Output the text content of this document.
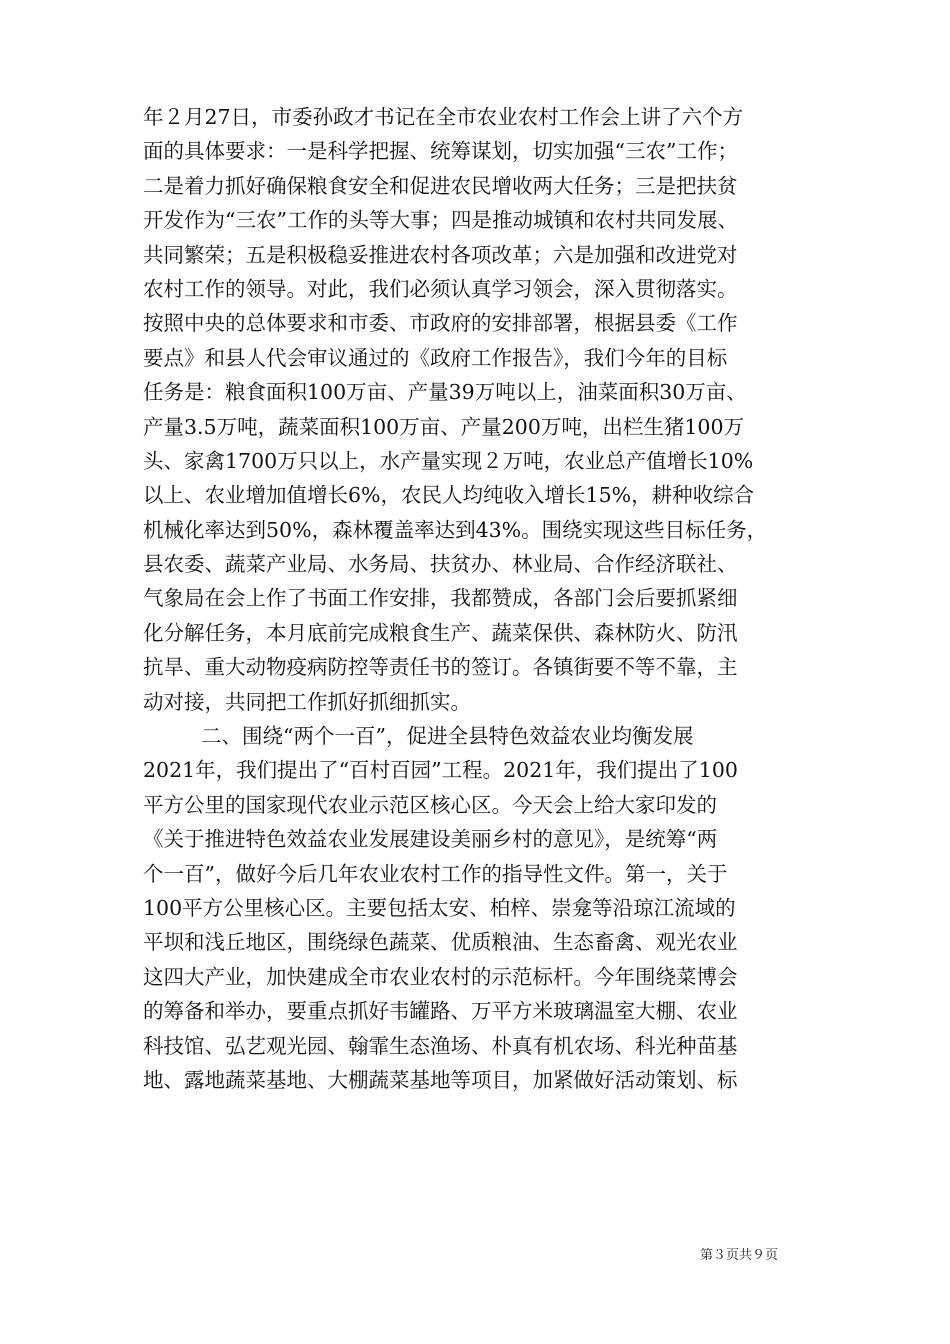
年２月27日，市委孙政才书记在全市农业农村工作会上讲了六个方
面的具体要求：一是科学把握、统筹谋划，切实加强“三农”工作；
二是着力抓好确保粮食安全和促进农民增收两大任务；三是把扶贫
开发作为“三农”工作的头等大事；四是推动城镇和农村共同发展、
共同繁荣；五是积极稳妥推进农村各项改革；六是加强和改进党对
农村工作的领导。对此，我们必须认真学习领会，深入贯彻落实。
按照中央的总体要求和市委、市政府的安排部署，根据县委《工作
要点》和县人代会审议通过的《政府工作报告》，我们今年的目标
任务是：粮食面积100万亩、产量39万吨以上，油菜面积30万亩、
产量3.5万吨，蔬菜面积100万亩、产量200万吨，出栏生猪100万
头、家禽1700万只以上，水产量实现２万吨，农业总产值增长10%
以上、农业增加值增长6%，农民人均纯收入增长15%，耕种收综合
机械化率达到50%，森林覆盖率达到43%。围绕实现这些目标任务，
县农委、蔬菜产业局、水务局、扶贫办、林业局、合作经济联社、
气象局在会上作了书面工作安排，我都赞成，各部门会后要抓紧细
化分解任务，本月底前完成粮食生产、蔬菜保供、森林防火、防汛
抗旱、重大动物疫病防控等责任书的签订。各镇街要不等不靠，主
动对接，共同把工作抓好抓细抓实。
二、围绕“两个一百”，促进全县特色效益农业均衡发展
2021年，我们提出了“百村百园”工程。2021年，我们提出了100
平方公里的国家现代农业示范区核心区。今天会上给大家印发的
《关于推进特色效益农业发展建设美丽乡村的意见》，是统筹“两
个一百”，做好今后几年农业农村工作的指导性文件。第一，关于
100平方公里核心区。主要包括太安、柏梓、崇龛等沿琼江流域的
平坝和浅丘地区，围绕绿色蔬菜、优质粮油、生态畜禽、观光农业
这四大产业，加快建成全市农业农村的示范标杆。今年围绕菜博会
的筹备和举办，要重点抓好韦罐路、万平方米玻璃温室大棚、农业
科技馆、弘艺观光园、翰霏生态渔场、朴真有机农场、科光种苗基
地、露地蔬菜基地、大棚蔬菜基地等项目，加紧做好活动策划、标
第３页共９页
